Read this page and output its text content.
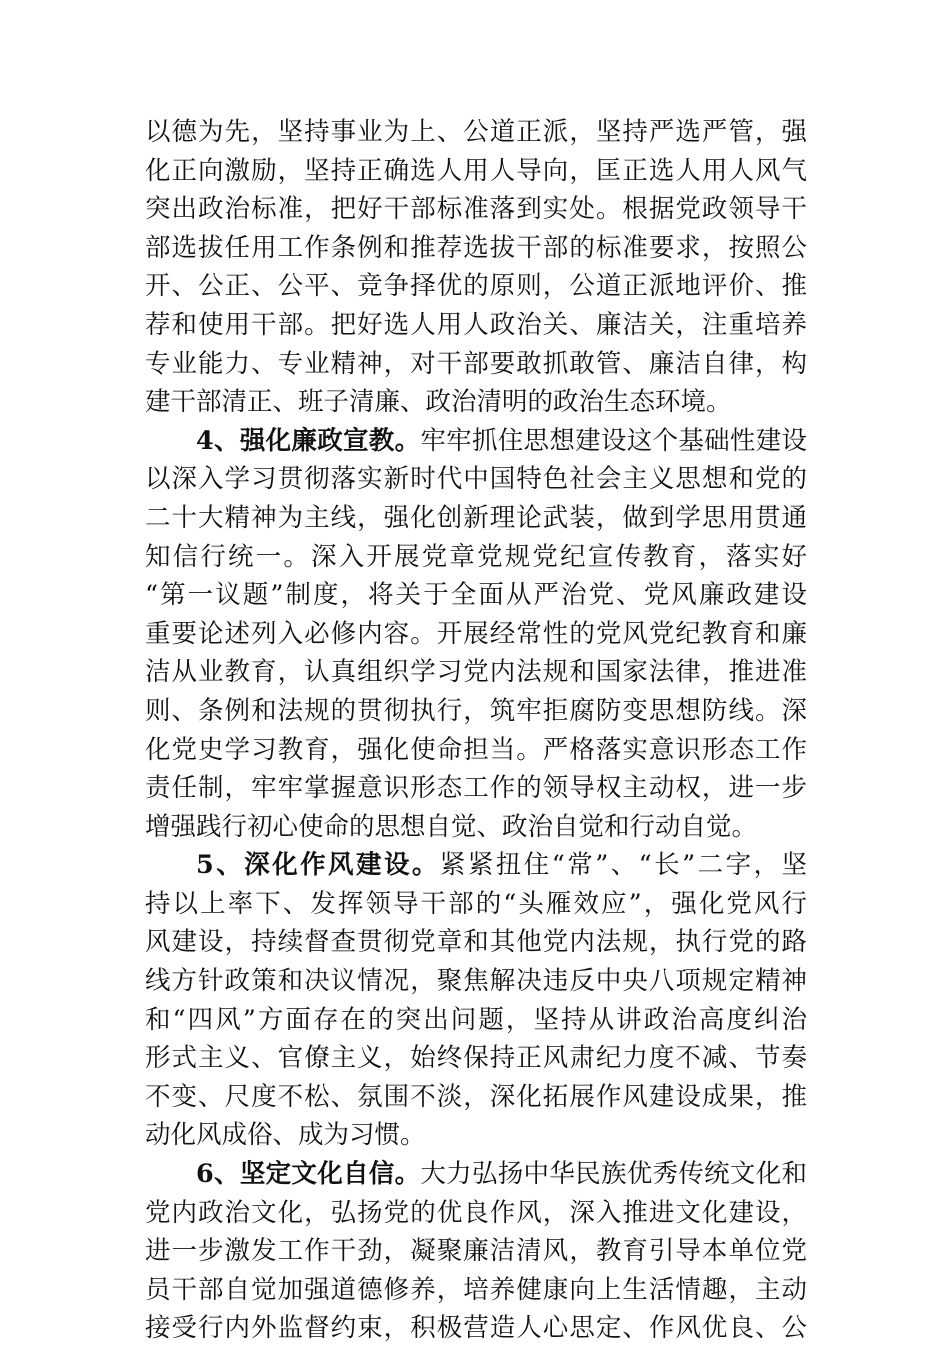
以德为先，坚持事业为上、公道正派，坚持严选严管，强
化正向激励，坚持正确选人用人导向，匡正选人用人风气
突出政治标准，把好干部标准落到实处。根据党政领导干
部选拔任用工作条例和推荐选拔干部的标准要求，按照公
开、公正、公平、竞争择优的原则，公道正派地评价、推
荐和使用干部。把好选人用人政治关、廉洁关，注重培养
专业能力、专业精神，对干部要敢抓敢管、廉洁自律，构
建干部清正、班子清廉、政治清明的政治生态环境。

4、强化廉政宣教。牢牢抓住思想建设这个基础性建设
以深入学习贯彻落实新时代中国特色社会主义思想和党的
二十大精神为主线，强化创新理论武装，做到学思用贯通
知信行统一。深入开展党章党规党纪宣传教育，落实好
“第一议题”制度，将关于全面从严治党、党风廉政建设
重要论述列入必修内容。开展经常性的党风党纪教育和廉
洁从业教育，认真组织学习党内法规和国家法律，推进准
则、条例和法规的贯彻执行，筑牢拒腐防变思想防线。深
化党史学习教育，强化使命担当。严格落实意识形态工作
责任制，牢牢掌握意识形态工作的领导权主动权，进一步
增强践行初心使命的思想自觉、政治自觉和行动自觉。

5、深化作风建设。紧紧扭住“常”、“长”二字，坚
持以上率下、发挥领导干部的“头雁效应”，强化党风行
风建设，持续督查贯彻党章和其他党内法规，执行党的路
线方针政策和决议情况，聚焦解决违反中央八项规定精神
和“四风”方面存在的突出问题，坚持从讲政治高度纠治
形式主义、官僚主义，始终保持正风肃纪力度不减、节奏
不变、尺度不松、氛围不淡，深化拓展作风建设成果，推
动化风成俗、成为习惯。

6、坚定文化自信。大力弘扬中华民族优秀传统文化和
党内政治文化，弘扬党的优良作风，深入推进文化建设，
进一步激发工作干劲，凝聚廉洁清风，教育引导本单位党
员干部自觉加强道德修养，培养健康向上生活情趣，主动
接受行内外监督约束，积极营造人心思定、作风优良、公
